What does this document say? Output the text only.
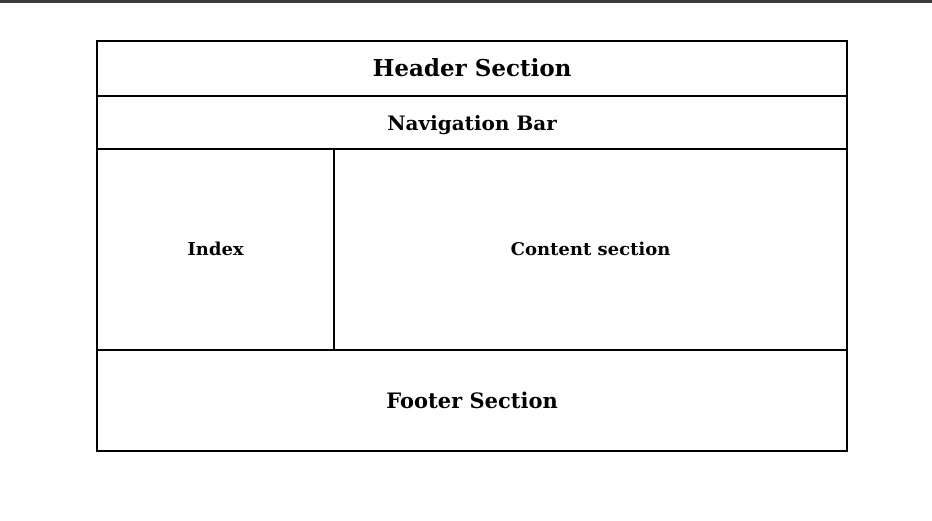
Header Section
Navigation Bar
Index	Content section
Footer Section
